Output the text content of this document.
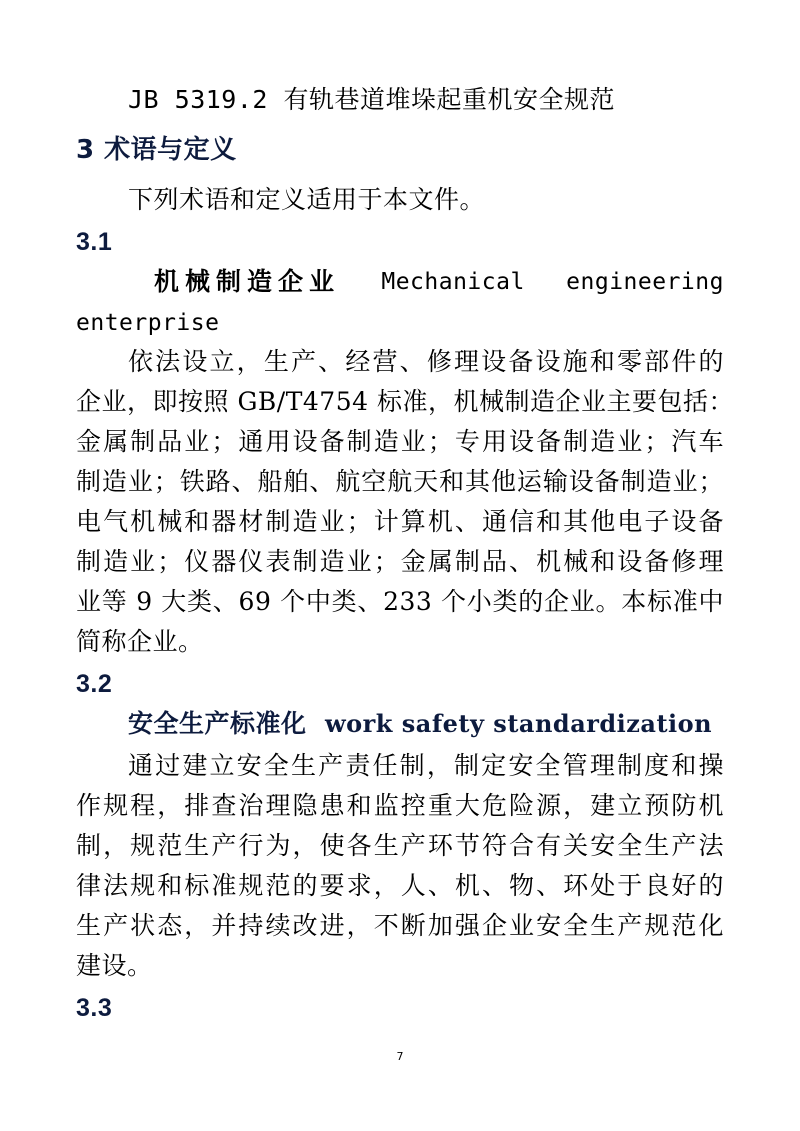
JB 5319.2 有轨巷道堆垛起重机安全规范
3 术语与定义
下列术语和定义适用于本文件。
3.1
机械制造企业 Mechanical engineering
enterprise
依法设立，生产、经营、修理设备设施和零部件的
企业，即按照 GB/T4754 标准，机械制造企业主要包括：
金属制品业；通用设备制造业；专用设备制造业；汽车
制造业；铁路、船舶、航空航天和其他运输设备制造业；
电气机械和器材制造业；计算机、通信和其他电子设备
制造业；仪器仪表制造业；金属制品、机械和设备修理
业等 9 大类、69 个中类、233 个小类的企业。本标准中
简称企业。
3.2
安全生产标准化 work safety standardization
通过建立安全生产责任制，制定安全管理制度和操
作规程，排查治理隐患和监控重大危险源，建立预防机
制，规范生产行为，使各生产环节符合有关安全生产法
律法规和标准规范的要求，人、机、物、环处于良好的
生产状态，并持续改进，不断加强企业安全生产规范化
建设。
3.3
7
